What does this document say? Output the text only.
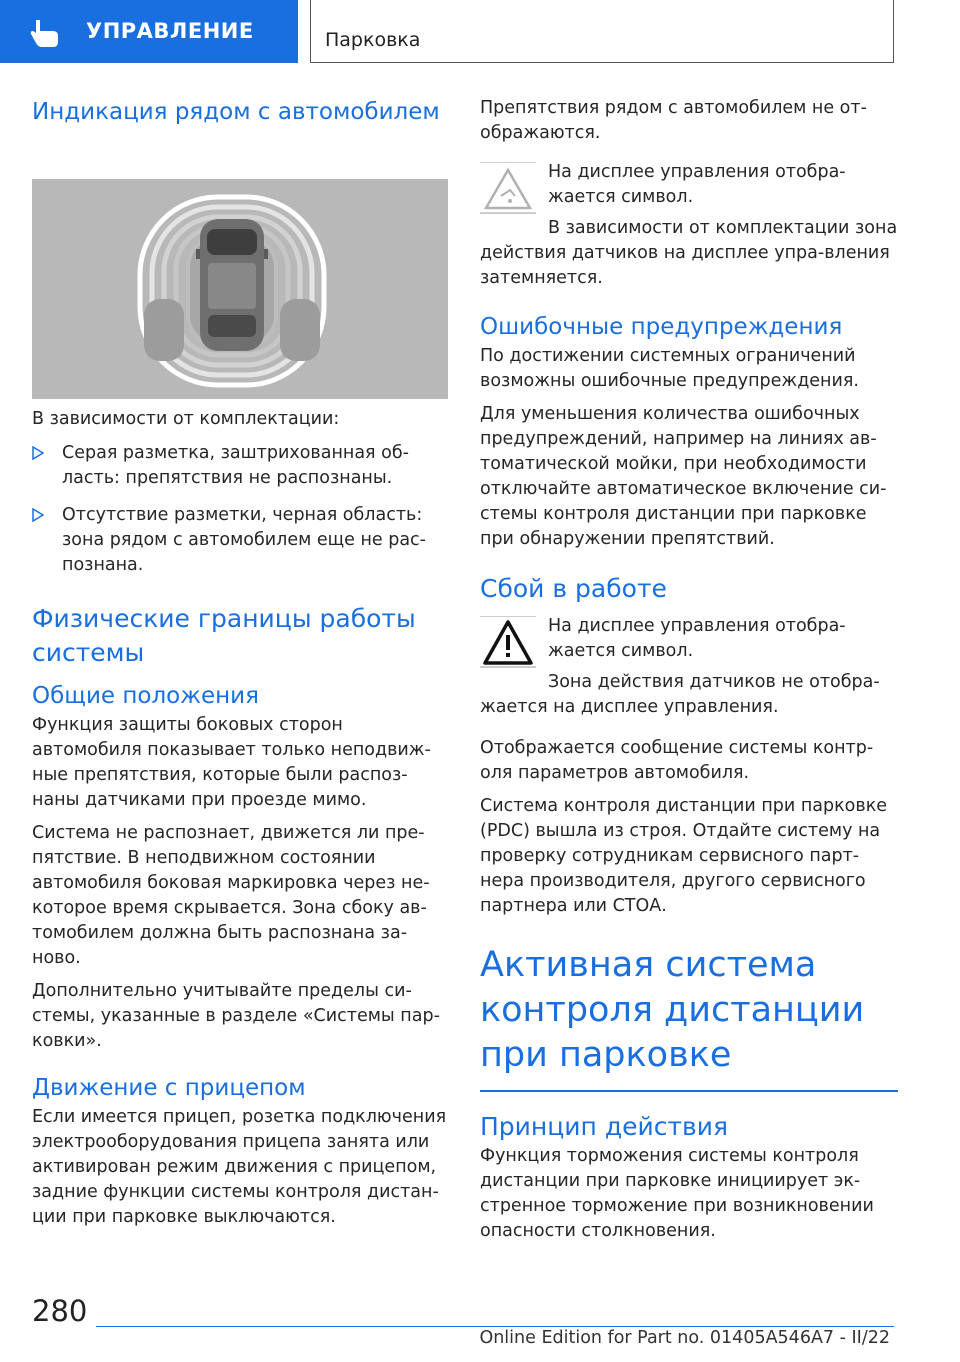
УПРАВЛЕНИЕ	Парковка
Индикация рядом с автомобилем

В зависимости от комплектации:

Серая разметка, заштрихованная об-ласть: препятствия не распознаны.
Отсутствие разметки, черная область: зона рядом с автомобилем еще не рас-познана.
Физические границы работы системы
Общие положения

Функция защиты боковых сторон автомобиля показывает только неподвиж-ные препятствия, которые были распоз-наны датчиками при проезде мимо.

Система не распознает, движется ли пре-пятствие. В неподвижном состоянии автомобиля боковая маркировка через не-которое время скрывается. Зона сбоку ав-томобилем должна быть распознана за-ново.

Дополнительно учитывайте пределы си-стемы, указанные в разделе «Системы пар-ковки».

Движение с прицепом

Если имеется прицеп, розетка подключения электрооборудования прицепа занята или активирован режим движения с прицепом, задние функции системы контроля дистан-ции при парковке выключаются.

Препятствия рядом с автомобилем не от-ображаются.

На дисплее управления отобра-жается символ.

В зависимости от комплектации зона действия датчиков на дисплее упра-вления затемняется.

Ошибочные предупреждения

По достижении системных ограничений возможны ошибочные предупреждения.

Для уменьшения количества ошибочных предупреждений, например на линиях ав-томатической мойки, при необходимости отключайте автоматическое включение си-стемы контроля дистанции при парковке при обнаружении препятствий.

Сбой в работе

На дисплее управления отобра-жается символ.

Зона действия датчиков не отобра-жается на дисплее управления.

Отображается сообщение системы контр-оля параметров автомобиля.

Система контроля дистанции при парковке (PDC) вышла из строя. Отдайте систему на проверку сотрудникам сервисного парт-нера производителя, другого сервисного партнера или СТОА.

Активная система контроля дистанции при парковке
Принцип действия

Функция торможения системы контроля дистанции при парковке инициирует эк-стренное торможение при возникновении опасности столкновения.

280
Online Edition for Part no. 01405A546A7 - II/22
